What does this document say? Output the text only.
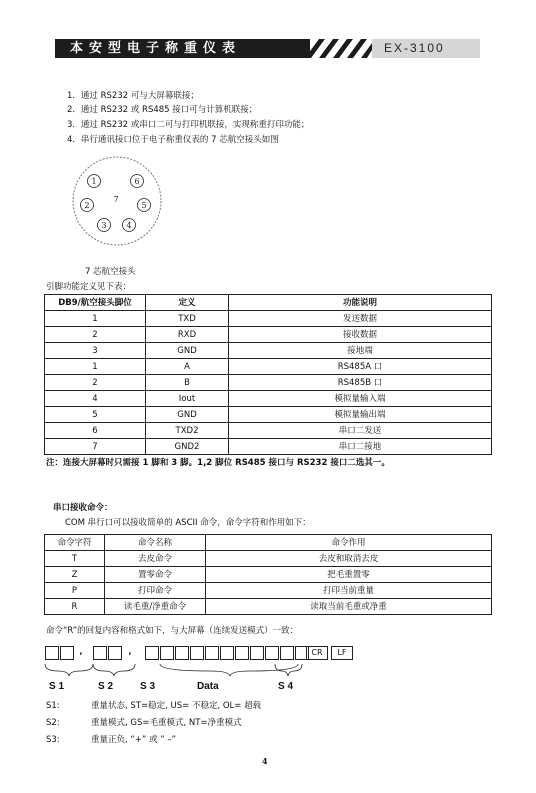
本安型电子称重仪表	EX-3100
1．通过 RS232 可与大屏幕联接；
2．通过 RS232 或 RS485 接口可与计算机联接；
3．通过 RS232 或串口二可与打印机联接，实现称重打印功能；
4．串行通讯接口位于电子称重仪表的 7 芯航空接头如图
1	6
2
7
5
3 4
7 芯航空接头
引脚功能定义见下表：
DB9/航空接头脚位	定义	功能说明
1	TXD	发送数据
2	RXD	接收数据
3	GND	接地端
1	A	RS485A 口
2	B	RS485B 口
4	Iout	模拟量输入端
5	GND	模拟量输出端
6	TXD2	串口二发送
7	GND2	串口二接地
注：连接大屏幕时只需接 1 脚和 3 脚。1,2 脚位 RS485 接口与 RS232 接口二选其一。
串口接收命令：
COM 串行口可以接收简单的 ASCII 命令，命令字符和作用如下：
命令字符	命令名称	命令作用
T	去皮命令	去皮和取消去皮
Z	置零命令	把毛重置零
P	打印命令	打印当前重量
R	读毛重/净重命令	读取当前毛重或净重
命令“R”的回复内容和格式如下，与大屏幕（连续发送模式）一致：
,	,	CR	LF
S 1	S 2	S 3	Data	S 4
S1:	重量状态, ST=稳定, US= 不稳定, OL= 超载
S2:	重量模式, GS=毛重模式, NT=净重模式
S3:	重量正负, “+” 或 ” –”
4
